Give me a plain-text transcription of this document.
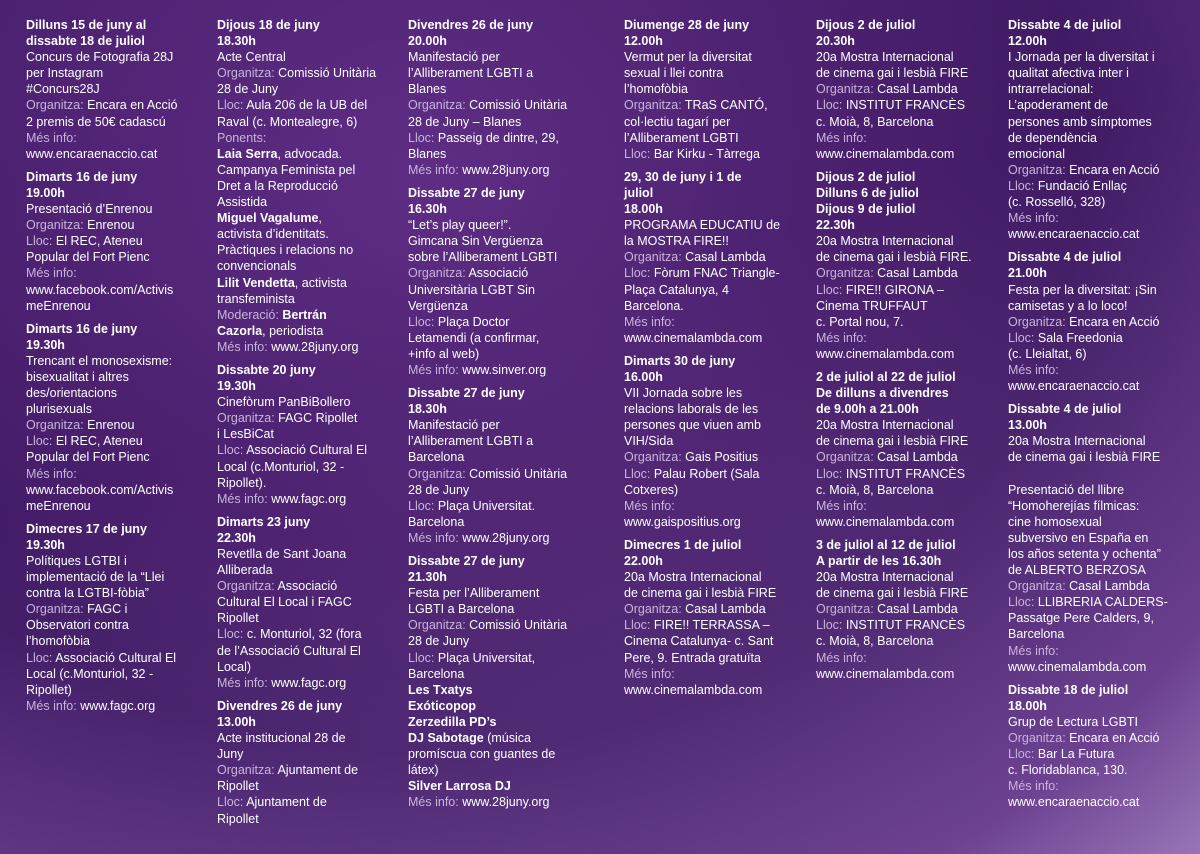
Dilluns 15 de juny al
dissabte 18 de juliol
Concurs de Fotografia 28J
per Instagram
#Concurs28J
Organitza: Encara en Acció
2 premis de 50€ cadascú
Més info:
www.encaraenaccio.cat
Dimarts 16 de juny
19.00h
Presentació d’Enrenou
Organitza: Enrenou
Lloc: El REC, Ateneu
Popular del Fort Pienc
Més info:
www.facebook.com/Activis
meEnrenou
Dimarts 16 de juny
19.30h
Trencant el monosexisme:
bisexualitat i altres
des/orientacions
plurisexuals
Organitza: Enrenou
Lloc: El REC, Ateneu
Popular del Fort Pienc
Més info:
www.facebook.com/Activis
meEnrenou
Dimecres 17 de juny
19.30h
Polítiques LGTBI i
implementació de la “Llei
contra la LGTBI-fòbia”
Organitza: FAGC i
Observatori contra
l’homofòbia
Lloc: Associació Cultural El
Local (c.Monturiol, 32 -
Ripollet)
Més info: www.fagc.org
Dijous 18 de juny
18.30h
Acte Central
Organitza: Comissió Unitària
28 de Juny
Lloc: Aula 206 de la UB del
Raval (c. Montealegre, 6)
Ponents:
Laia Serra, advocada.
Campanya Feminista pel
Dret a la Reproducció
Assistida
Miguel Vagalume,
activista d’identitats.
Pràctiques i relacions no
convencionals
Lilit Vendetta, activista
transfeminista
Moderació: Bertrán
Cazorla, periodista
Més info: www.28juny.org
Dissabte 20 juny
19.30h
Cinefòrum PanBiBollero
Organitza: FAGC Ripollet
i LesBiCat
Lloc: Associació Cultural El
Local (c.Monturiol, 32 -
Ripollet).
Més info: www.fagc.org
Dimarts 23 juny
22.30h
Revetlla de Sant Joana
Alliberada
Organitza: Associació
Cultural El Local i FAGC
Ripollet
Lloc: c. Monturiol, 32 (fora
de l’Associació Cultural El
Local)
Més info: www.fagc.org
Divendres 26 de juny
13.00h
Acte institucional 28 de
Juny
Organitza: Ajuntament de
Ripollet
Lloc: Ajuntament de
Ripollet
Divendres 26 de juny
20.00h
Manifestació per
l’Alliberament LGBTI a
Blanes
Organitza: Comissió Unitària
28 de Juny – Blanes
Lloc: Passeig de dintre, 29,
Blanes
Més info: www.28juny.org
Dissabte 27 de juny
16.30h
“Let’s play queer!”.
Gimcana Sin Vergüenza
sobre l’Alliberament LGBTI
Organitza: Associació
Universitària LGBT Sin
Vergüenza
Lloc: Plaça Doctor
Letamendi (a confirmar,
+info al web)
Més info: www.sinver.org
Dissabte 27 de juny
18.30h
Manifestació per
l’Alliberament LGBTI a
Barcelona
Organitza: Comissió Unitària
28 de Juny
Lloc: Plaça Universitat.
Barcelona
Més info: www.28juny.org
Dissabte 27 de juny
21.30h
Festa per l’Alliberament
LGBTI a Barcelona
Organitza: Comissió Unitària
28 de Juny
Lloc: Plaça Universitat,
Barcelona
Les Txatys
Exóticopop
Zerzedilla PD’s
DJ Sabotage (música
promíscua con guantes de
látex)
Silver Larrosa DJ
Més info: www.28juny.org
Diumenge 28 de juny
12.00h
Vermut per la diversitat
sexual i llei contra
l’homofòbia
Organitza: TRaS CANTÓ,
col·lectiu tagarí per
l’Alliberament LGBTI
Lloc: Bar Kirku - Tàrrega
29, 30 de juny i 1 de
juliol
18.00h
PROGRAMA EDUCATIU de
la MOSTRA FIRE!!
Organitza: Casal Lambda
Lloc: Fòrum FNAC Triangle-
Plaça Catalunya, 4
Barcelona.
Més info:
www.cinemalambda.com
Dimarts 30 de juny
16.00h
VII Jornada sobre les
relacions laborals de les
persones que viuen amb
VIH/Sida
Organitza: Gais Positius
Lloc: Palau Robert (Sala
Cotxeres)
Més info:
www.gaispositius.org
Dimecres 1 de juliol
22.00h
20a Mostra Internacional
de cinema gai i lesbià FIRE
Organitza: Casal Lambda
Lloc: FIRE!! TERRASSA –
Cinema Catalunya- c. Sant
Pere, 9. Entrada gratuïta
Més info:
www.cinemalambda.com
Dijous 2 de juliol
20.30h
20a Mostra Internacional
de cinema gai i lesbià FIRE
Organitza: Casal Lambda
Lloc: INSTITUT FRANCÈS
c. Moià, 8, Barcelona
Més info:
www.cinemalambda.com
Dijous 2 de juliol
Dilluns 6 de juliol
Dijous 9 de juliol
22.30h
20a Mostra Internacional
de cinema gai i lesbià FIRE.
Organitza: Casal Lambda
Lloc: FIRE!! GIRONA –
Cinema TRUFFAUT
c. Portal nou, 7.
Més info:
www.cinemalambda.com
2 de juliol al 22 de juliol
De dilluns a divendres
de 9.00h a 21.00h
20a Mostra Internacional
de cinema gai i lesbià FIRE
Organitza: Casal Lambda
Lloc: INSTITUT FRANCÈS
c. Moià, 8, Barcelona
Més info:
www.cinemalambda.com
3 de juliol al 12 de juliol
A partir de les 16.30h
20a Mostra Internacional
de cinema gai i lesbià FIRE
Organitza: Casal Lambda
Lloc: INSTITUT FRANCÈS
c. Moià, 8, Barcelona
Més info:
www.cinemalambda.com
Dissabte 4 de juliol
12.00h
I Jornada per la diversitat i
qualitat afectiva inter i
intrarrelacional:
L’apoderament de
persones amb símptomes
de dependència
emocional
Organitza: Encara en Acció
Lloc: Fundació Enllaç
(c. Rosselló, 328)
Més info:
www.encaraenaccio.cat
Dissabte 4 de juliol
21.00h
Festa per la diversitat: ¡Sin
camisetas y a lo loco!
Organitza: Encara en Acció
Lloc: Sala Freedonia
(c. Lleialtat, 6)
Més info:
www.encaraenaccio.cat
Dissabte 4 de juliol
13.00h
20a Mostra Internacional
de cinema gai i lesbià FIRE

Presentació del llibre
“Homoherejías fílmicas:
cine homosexual
subversivo en España en
los años setenta y ochenta”
de ALBERTO BERZOSA
Organitza: Casal Lambda
Lloc: LLIBRERIA CALDERS-
Passatge Pere Calders, 9,
Barcelona
Més info:
www.cinemalambda.com
Dissabte 18 de juliol
18.00h
Grup de Lectura LGBTI
Organitza: Encara en Acció
Lloc: Bar La Futura
c. Floridablanca, 130.
Més info:
www.encaraenaccio.cat
